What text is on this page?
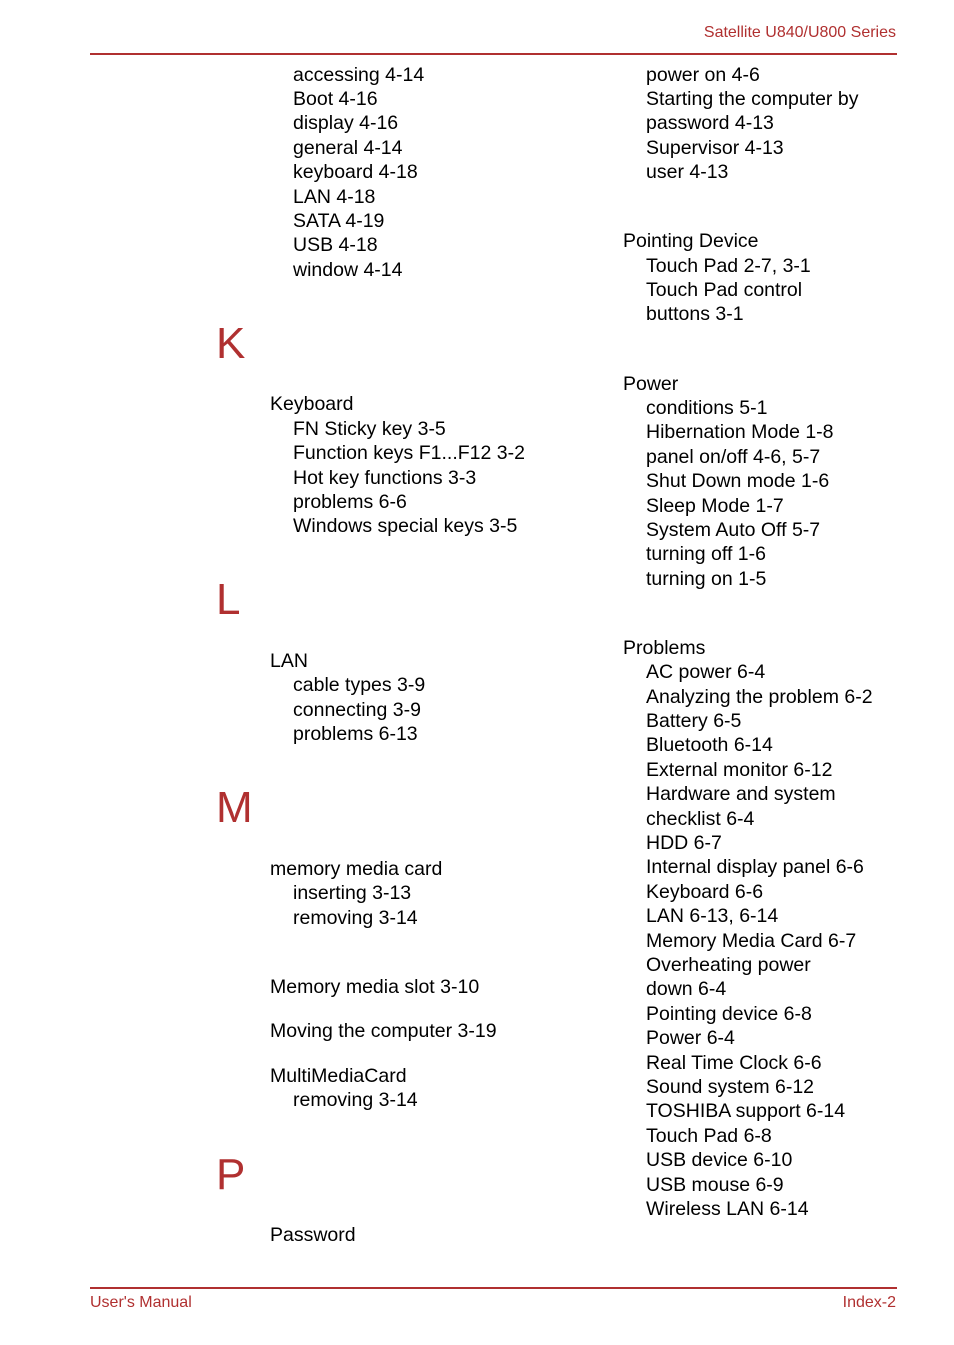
Satellite U840/U800 Series
accessing 4-14
Boot 4-16
display 4-16
general 4-14
keyboard 4-18
LAN 4-18
SATA 4-19
USB 4-18
window 4-14
K
Keyboard
FN Sticky key 3-5
Function keys F1...F12 3-2
Hot key functions 3-3
problems 6-6
Windows special keys 3-5
L
LAN
cable types 3-9
connecting 3-9
problems 6-13
M
memory media card
inserting 3-13
removing 3-14
Memory media slot 3-10
Moving the computer 3-19
MultiMediaCard
removing 3-14
P
Password
power on 4-6
Starting the computer by
password 4-13
Supervisor 4-13
user 4-13
Pointing Device
Touch Pad 2-7, 3-1
Touch Pad control
buttons 3-1
Power
conditions 5-1
Hibernation Mode 1-8
panel on/off 4-6, 5-7
Shut Down mode 1-6
Sleep Mode 1-7
System Auto Off 5-7
turning off 1-6
turning on 1-5
Problems
AC power 6-4
Analyzing the problem 6-2
Battery 6-5
Bluetooth 6-14
External monitor 6-12
Hardware and system
checklist 6-4
HDD 6-7
Internal display panel 6-6
Keyboard 6-6
LAN 6-13, 6-14
Memory Media Card 6-7
Overheating power
down 6-4
Pointing device 6-8
Power 6-4
Real Time Clock 6-6
Sound system 6-12
TOSHIBA support 6-14
Touch Pad 6-8
USB device 6-10
USB mouse 6-9
Wireless LAN 6-14
User's Manual	Index-2
